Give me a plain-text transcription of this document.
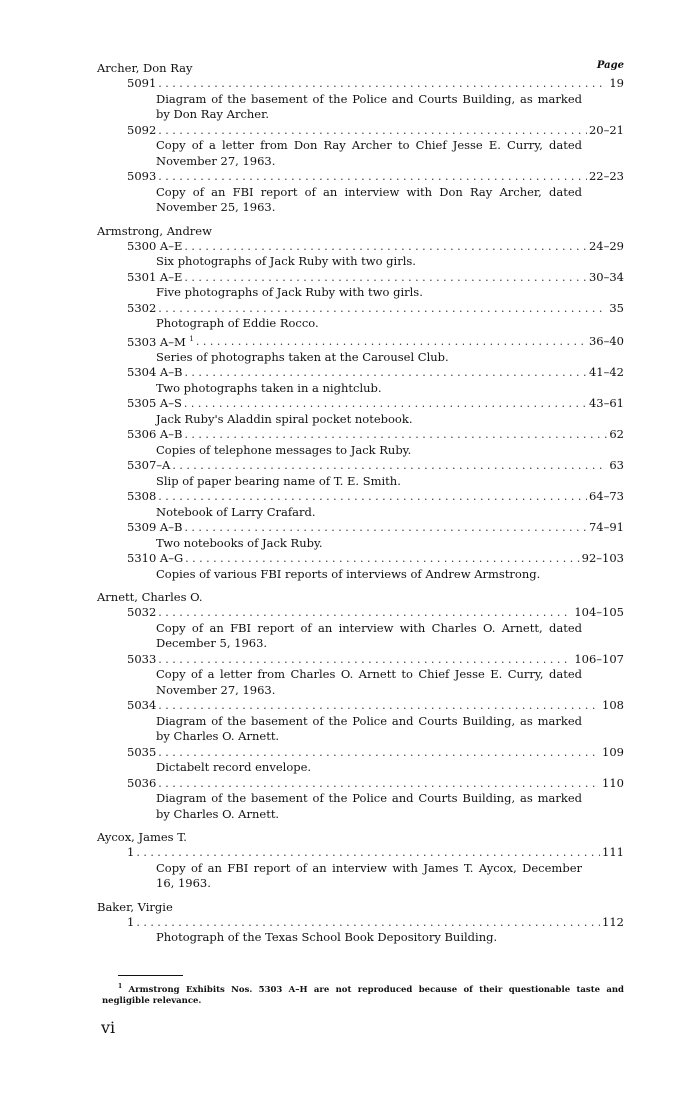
Page
Archer, Don Ray
5091 . . .	19
Diagram of the basement of the Police and Courts Building, as marked by Don Ray Archer.
5092 . . .	20–21
Copy of a letter from Don Ray Archer to Chief Jesse E. Curry, dated November 27, 1963.
5093 . . .	22–23
Copy of an FBI report of an interview with Don Ray Archer, dated November 25, 1963.
Armstrong, Andrew
5300 A–E . . .	24–29
Six photographs of Jack Ruby with two girls.
5301 A–E . . .	30–34
Five photographs of Jack Ruby with two girls.
5302 . . .	35
Photograph of Eddie Rocco.
5303 A–M $^1$ . . .	36–40
Series of photographs taken at the Carousel Club.
5304 A–B . . .	41–42
Two photographs taken in a nightclub.
5305 A–S . . .	43–61
Jack Ruby's Aladdin spiral pocket notebook.
5306 A–B . . .	62
Copies of telephone messages to Jack Ruby.
5307–A . . .	63
Slip of paper bearing name of T. E. Smith.
5308 . . .	64–73
Notebook of Larry Crafard.
5309 A–B . . .	74–91
Two notebooks of Jack Ruby.
5310 A–G . . .	92–103
Copies of various FBI reports of interviews of Andrew Armstrong.
Arnett, Charles O.
5032 . . .	104–105
Copy of an FBI report of an interview with Charles O. Arnett, dated December 5, 1963.
5033 . . .	106–107
Copy of a letter from Charles O. Arnett to Chief Jesse E. Curry, dated November 27, 1963.
5034 . . .	108
Diagram of the basement of the Police and Courts Building, as marked by Charles O. Arnett.
5035 . . .	109
Dictabelt record envelope.
5036 . . .	110
Diagram of the basement of the Police and Courts Building, as marked by Charles O. Arnett.
Aycox, James T.
1 . . .	111
Copy of an FBI report of an interview with James T. Aycox, December 16, 1963.
Baker, Virgie
1 . . .	112
Photograph of the Texas School Book Depository Building.
$^1$ Armstrong Exhibits Nos. 5303 A–H are not reproduced because of their questionable taste and negligible relevance.
vi
